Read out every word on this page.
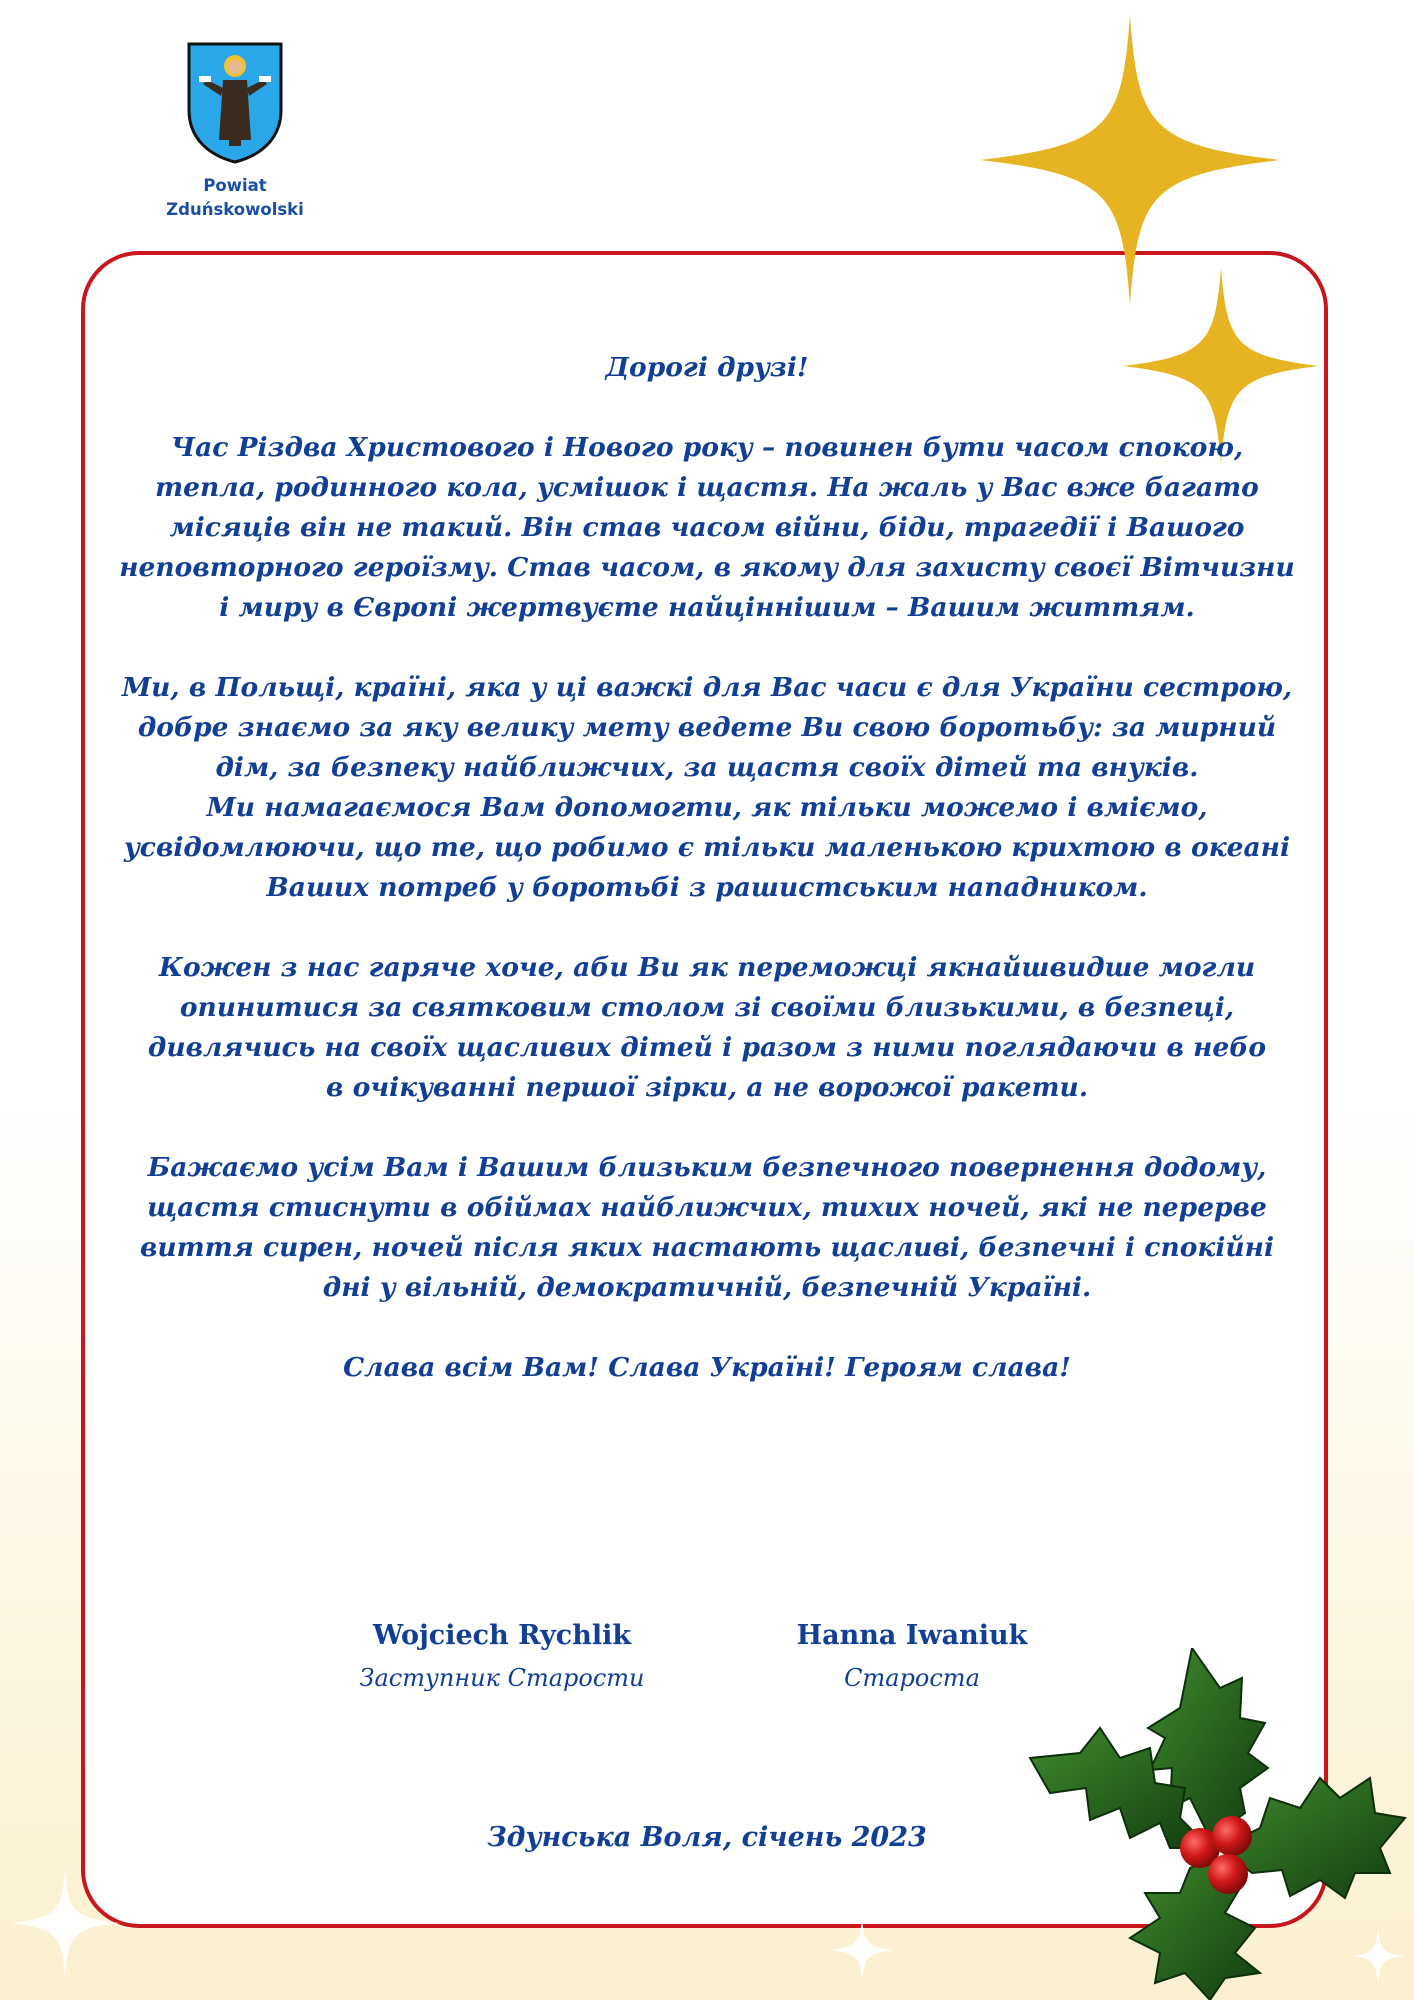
Powiat
Zduńskowolski

Дорогі друзі!

Час Різдва Христового і Нового року – повинен бути часом спокою,
тепла, родинного кола, усмішок і щастя. На жаль у Вас вже багато
місяців він не такий. Він став часом війни, біди, трагедії і Вашого
неповторного героїзму. Став часом, в якому для захисту своєї Вітчизни
і миру в Європі жертвуєте найціннішим – Вашим життям.

Ми, в Польщі, країні, яка у ці важкі для Вас часи є для України сестрою,
добре знаємо за яку велику мету ведете Ви свою боротьбу: за мирний
дім, за безпеку найближчих, за щастя своїх дітей та внуків.
Ми намагаємося Вам допомогти, як тільки можемо і вміємо,
усвідомлюючи, що те, що робимо є тільки маленькою крихтою в океані
Ваших потреб у боротьбі з рашистським нападником.

Кожен з нас гаряче хоче, аби Ви як переможці якнайшвидше могли
опинитися за святковим столом зі своїми близькими, в безпеці,
дивлячись на своїх щасливих дітей і разом з ними поглядаючи в небо
в очікуванні першої зірки, а не ворожої ракети.

Бажаємо усім Вам і Вашим близьким безпечного повернення додому,
щастя стиснути в обіймах найближчих, тихих ночей, які не перерве
виття сирен, ночей після яких настають щасливі, безпечні і спокійні
дні у вільній, демократичній, безпечній Україні.

Слава всім Вам! Слава Україні! Героям слава!

Wojciech Rychlik
Заступник Старости
Hanna Iwaniuk
Староста
Здунська Воля, січень 2023
